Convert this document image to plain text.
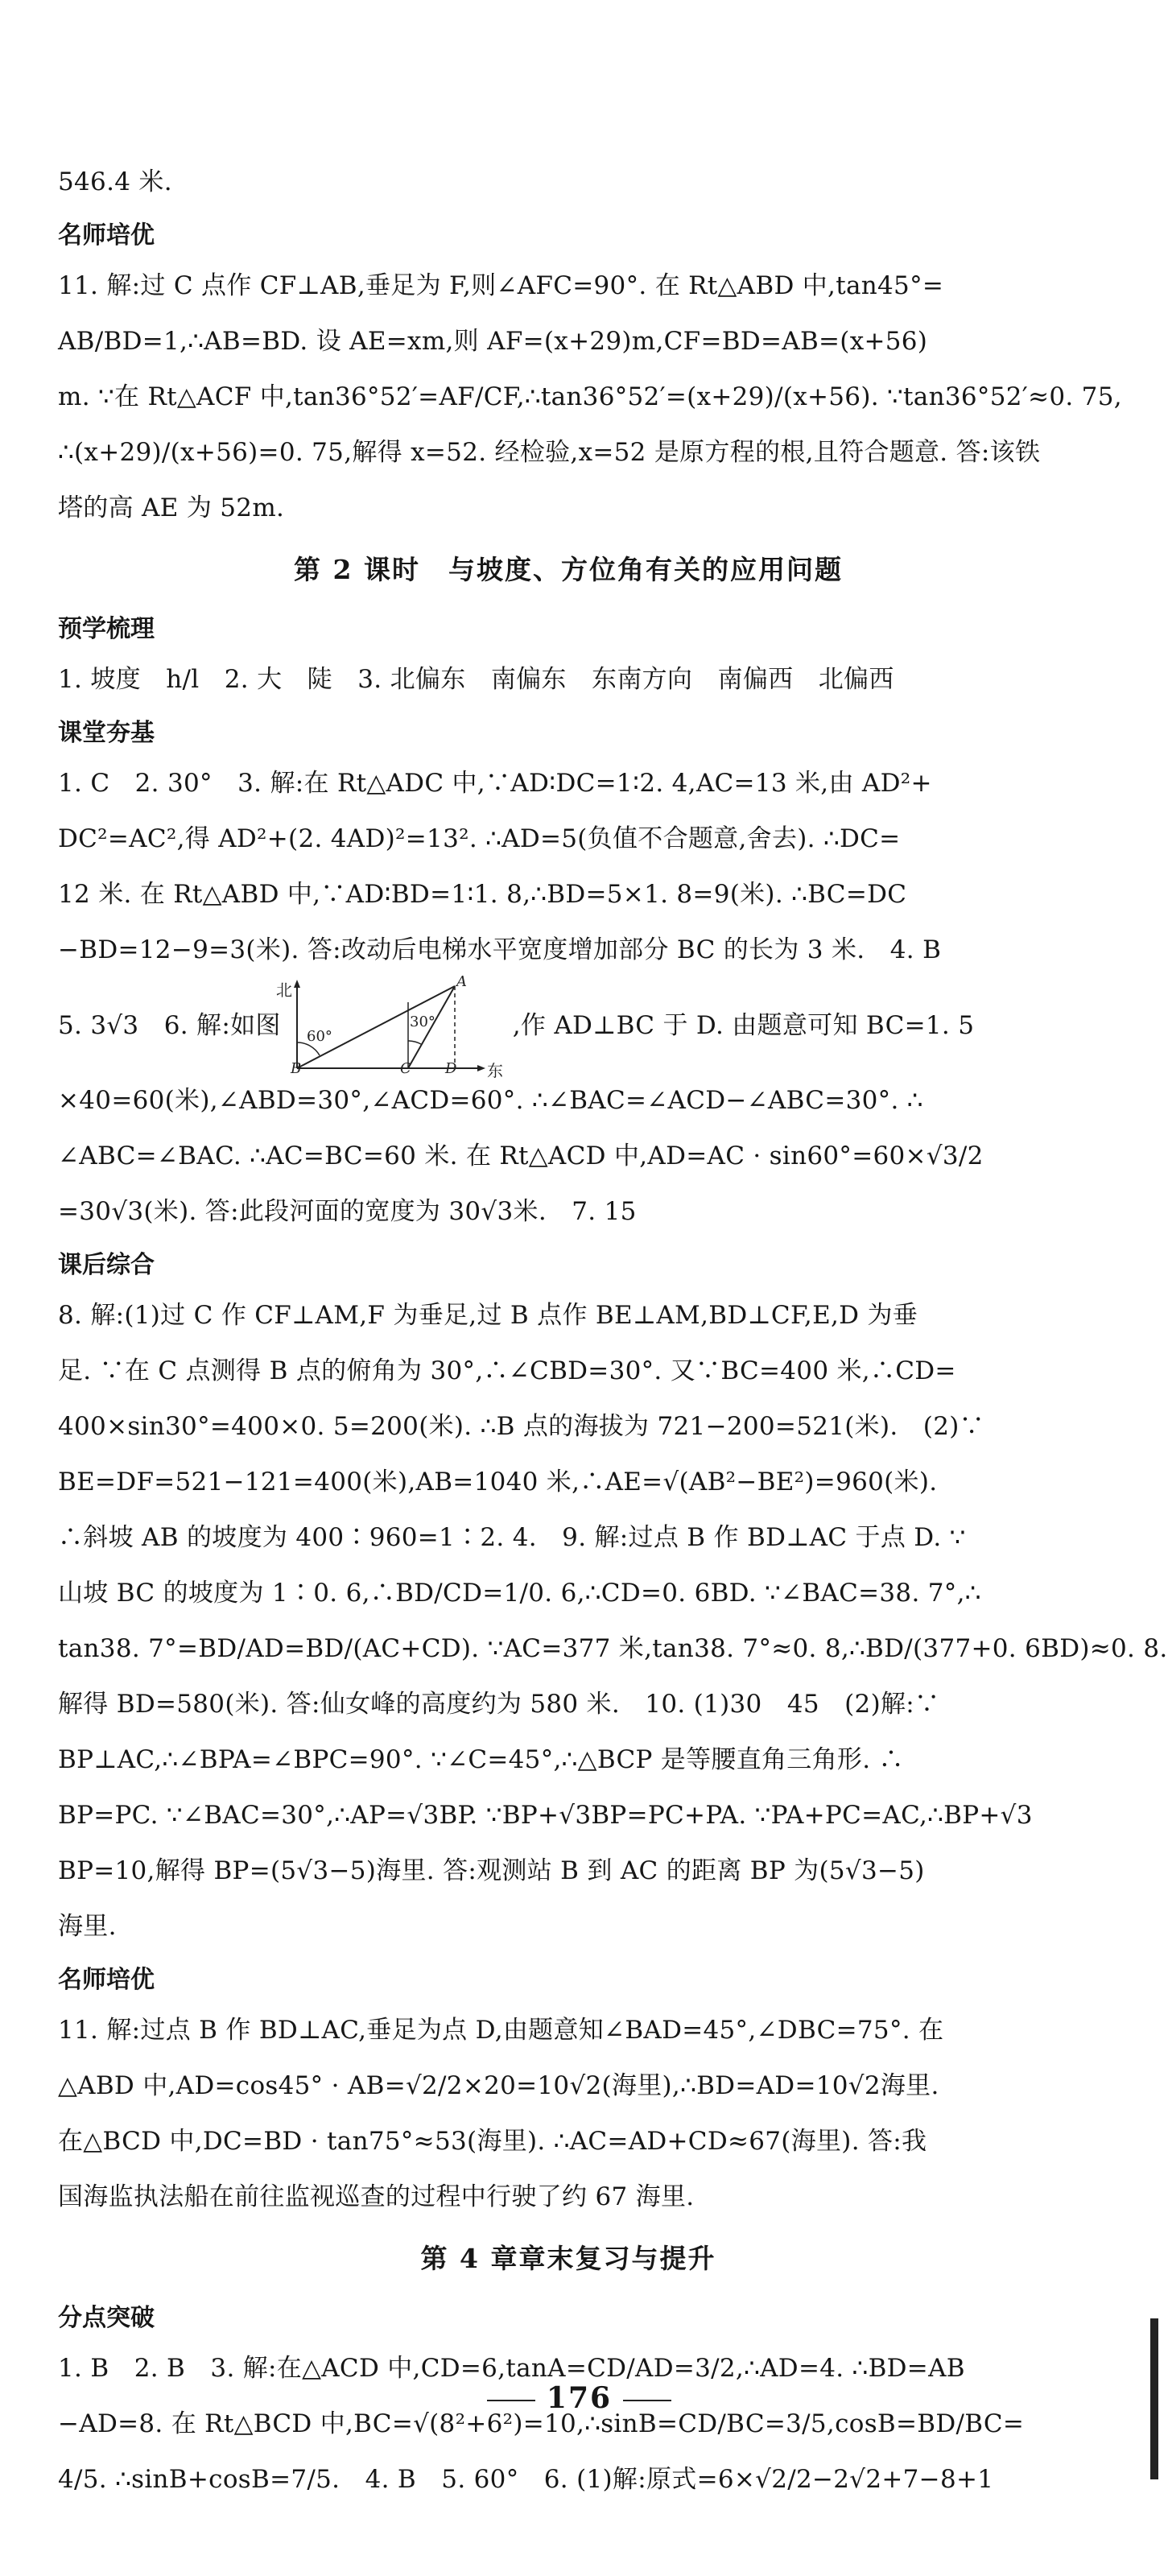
546.4 米.

名师培优

11. 解:过 C 点作 CF⊥AB,垂足为 F,则∠AFC=90°. 在 Rt△ABD 中,tan45°=

AB/BD=1,∴AB=BD. 设 AE=xm,则 AF=(x+29)m,CF=BD=AB=(x+56)

m. ∵在 Rt△ACF 中,tan36°52′=AF/CF,∴tan36°52′=(x+29)/(x+56). ∵tan36°52′≈0. 75,

∴(x+29)/(x+56)=0. 75,解得 x=52. 经检验,x=52 是原方程的根,且符合题意. 答:该铁

塔的高 AE 为 52m.

第 2 课时　与坡度、方位角有关的应用问题
预学梳理

1. 坡度　h/l　2. 大　陡　3. 北偏东　南偏东　东南方向　南偏西　北偏西

课堂夯基

1. C　2. 30°　3. 解:在 Rt△ADC 中,∵AD∶DC=1∶2. 4,AC=13 米,由 AD²+

DC²=AC²,得 AD²+(2. 4AD)²=13². ∴AD=5(负值不合题意,舍去). ∴DC=

12 米. 在 Rt△ABD 中,∵AD∶BD=1∶1. 8,∴BD=5×1. 8=9(米). ∴BC=DC

−BD=12−9=3(米). 答:改动后电梯水平宽度增加部分 BC 的长为 3 米.　4. B

5. 3√3　6. 解:如图

北
东
A
B	C D
60°
30°	,作 AD⊥BC 于 D. 由题意可知 BC=1. 5

×40=60(米),∠ABD=30°,∠ACD=60°. ∴∠BAC=∠ACD−∠ABC=30°. ∴

∠ABC=∠BAC. ∴AC=BC=60 米. 在 Rt△ACD 中,AD=AC · sin60°=60×√3/2

=30√3(米). 答:此段河面的宽度为 30√3米.　7. 15

课后综合

8. 解:(1)过 C 作 CF⊥AM,F 为垂足,过 B 点作 BE⊥AM,BD⊥CF,E,D 为垂

足. ∵在 C 点测得 B 点的俯角为 30°,∴∠CBD=30°. 又∵BC=400 米,∴CD=

400×sin30°=400×0. 5=200(米). ∴B 点的海拔为 721−200=521(米).　(2)∵

BE=DF=521−121=400(米),AB=1040 米,∴AE=√(AB²−BE²)=960(米).

∴斜坡 AB 的坡度为 400∶960=1∶2. 4.　9. 解:过点 B 作 BD⊥AC 于点 D. ∵

山坡 BC 的坡度为 1∶0. 6,∴BD/CD=1/0. 6,∴CD=0. 6BD. ∵∠BAC=38. 7°,∴

tan38. 7°=BD/AD=BD/(AC+CD). ∵AC=377 米,tan38. 7°≈0. 8,∴BD/(377+0. 6BD)≈0. 8.

解得 BD=580(米). 答:仙女峰的高度约为 580 米.　10. (1)30　45　(2)解:∵

BP⊥AC,∴∠BPA=∠BPC=90°. ∵∠C=45°,∴△BCP 是等腰直角三角形. ∴

BP=PC. ∵∠BAC=30°,∴AP=√3BP. ∵BP+√3BP=PC+PA. ∵PA+PC=AC,∴BP+√3

BP=10,解得 BP=(5√3−5)海里. 答:观测站 B 到 AC 的距离 BP 为(5√3−5)

海里.

名师培优

11. 解:过点 B 作 BD⊥AC,垂足为点 D,由题意知∠BAD=45°,∠DBC=75°. 在

△ABD 中,AD=cos45° · AB=√2/2×20=10√2(海里),∴BD=AD=10√2海里.

在△BCD 中,DC=BD · tan75°≈53(海里). ∴AC=AD+CD≈67(海里). 答:我

国海监执法船在前往监视巡查的过程中行驶了约 67 海里.

第 4 章章末复习与提升
分点突破

1. B　2. B　3. 解:在△ACD 中,CD=6,tanA=CD/AD=3/2,∴AD=4. ∴BD=AB

−AD=8. 在 Rt△BCD 中,BC=√(8²+6²)=10,∴sinB=CD/BC=3/5,cosB=BD/BC=

4/5. ∴sinB+cosB=7/5.　4. B　5. 60°　6. (1)解:原式=6×√2/2−2√2+7−8+1

176
